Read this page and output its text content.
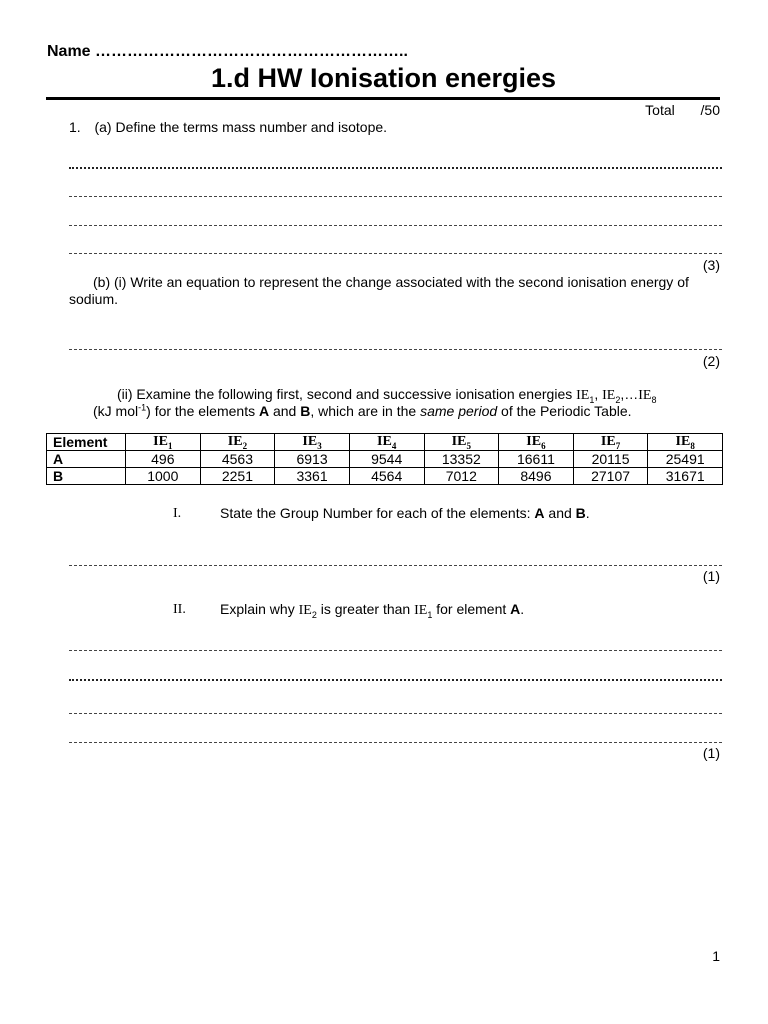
Name …………………………………………………..
1.d HW Ionisation energies
Total /50
1. (a) Define the terms mass number and isotope.
(3)
(b) (i) Write an equation to represent the change associated with the second ionisation energy of sodium.
(2)
(ii) Examine the following first, second and successive ionisation energies $IE_1$, $IE_2,\dots IE_8$
(kJ mol$^{-1}$) for the elements A and B, which are in the same period of the Periodic Table.
Element	$IE_1$	$IE_2$	$IE_3$	$IE_4$	$IE_5$	$IE_6$	$IE_7$	$IE_8$
A	496	4563	6913	9544	13352	16611	20115	25491
B	1000	2251	3361	4564	7012	8496	27107	31671
I.	State the Group Number for each of the elements: A and B.
(1)
II. Explain why $IE_2$ is greater than $IE_1$ for element A.
(1)
1
